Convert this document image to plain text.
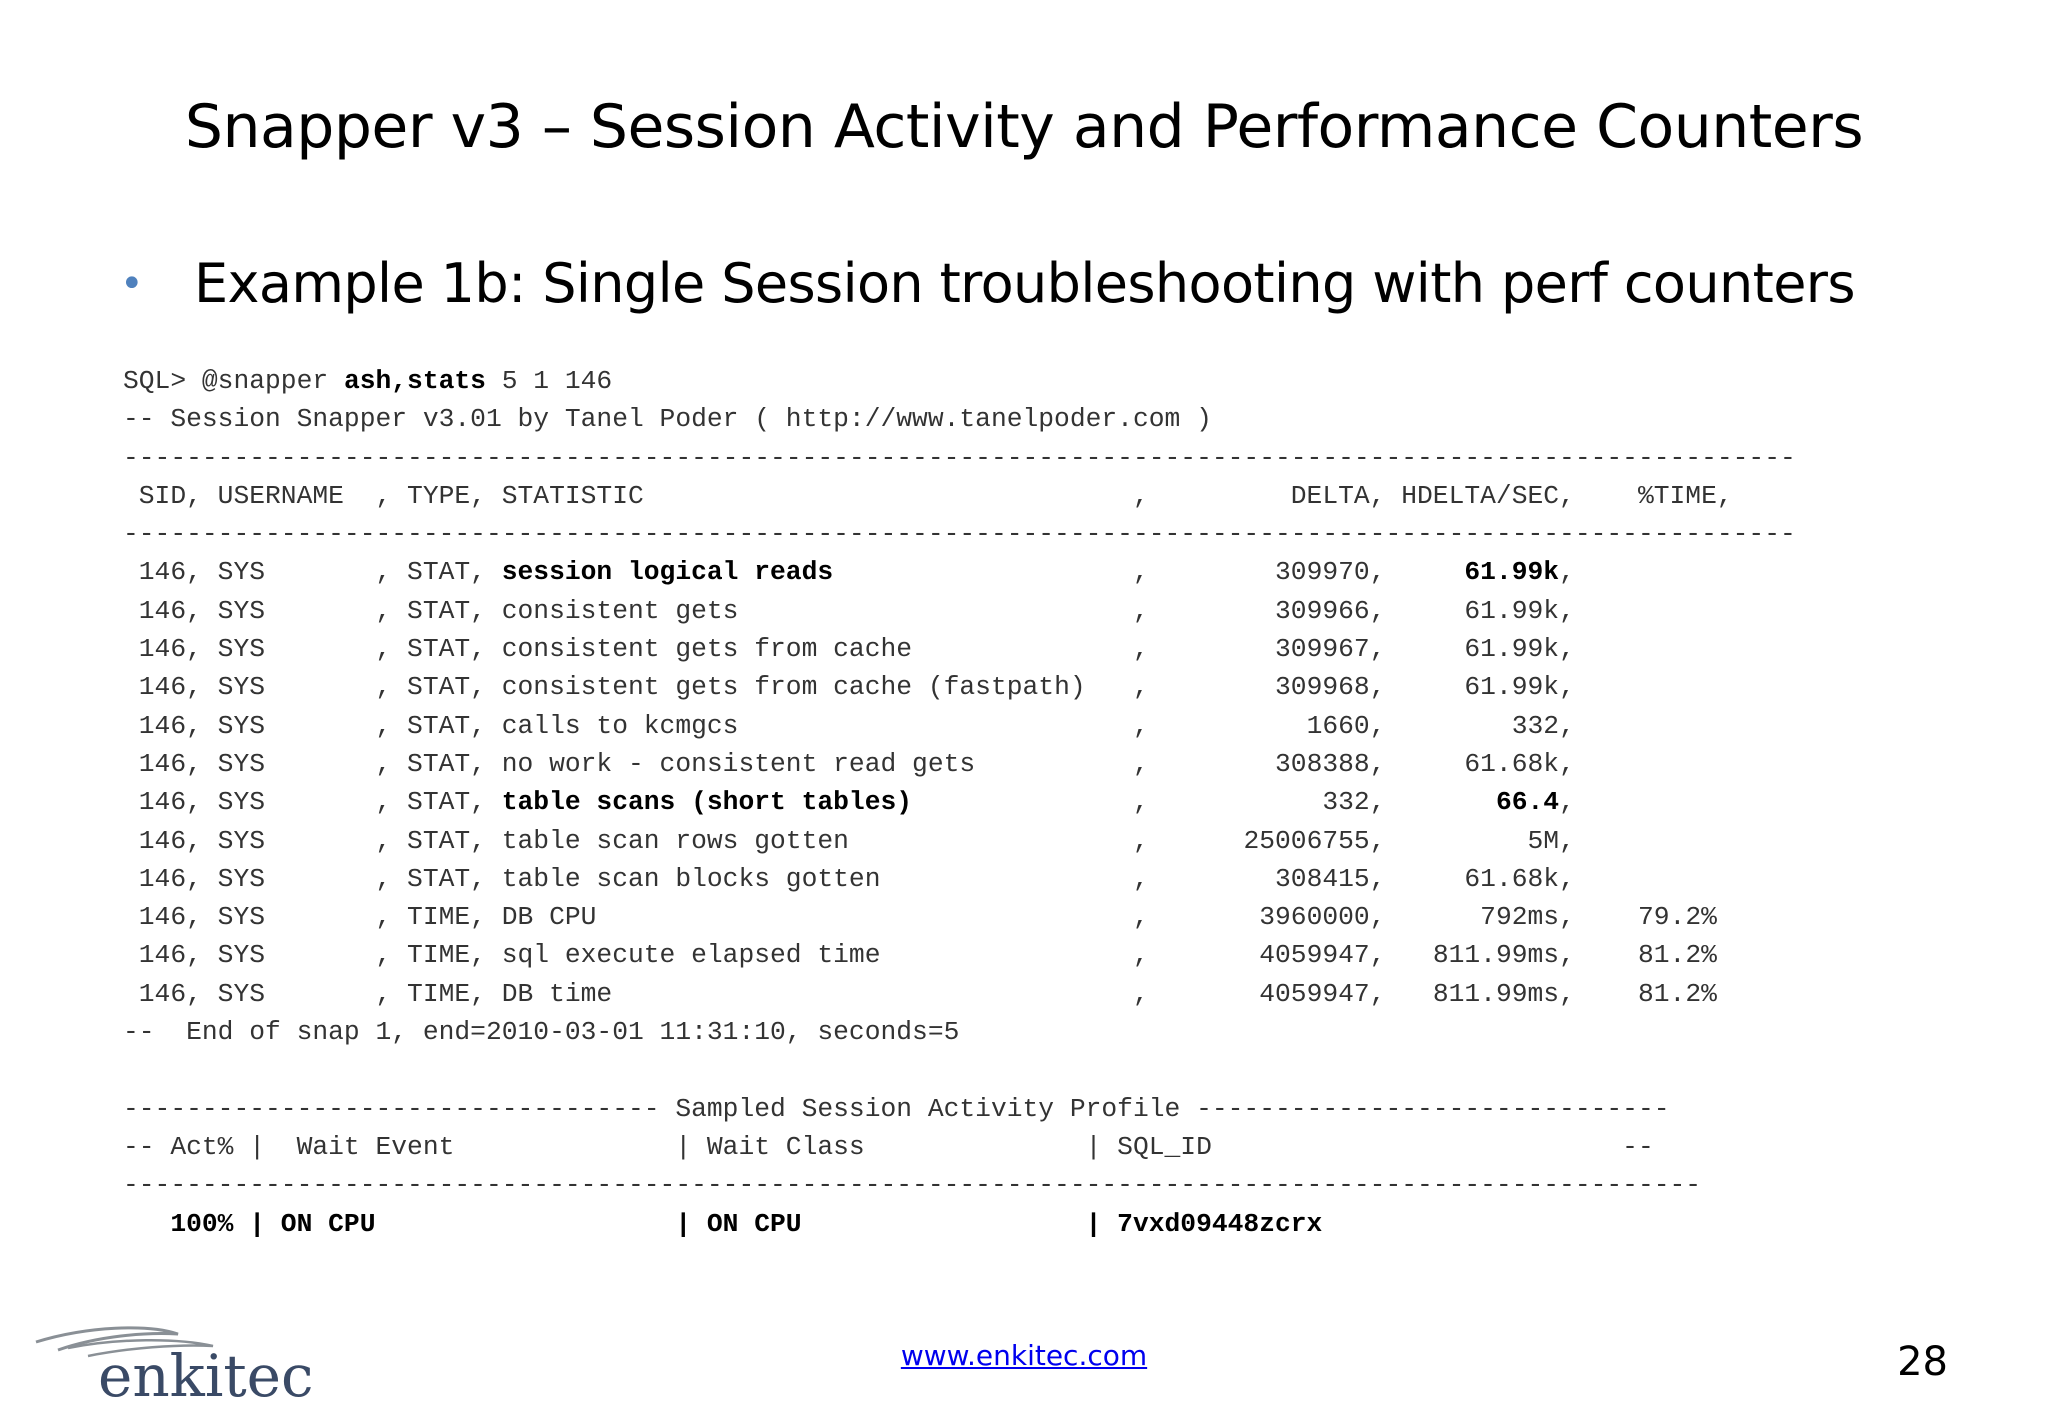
Snapper v3 – Session Activity and Performance Counters
• Example 1b: Single Session troubleshooting with perf counters
SQL> @snapper ash,stats 5 1 146
-- Session Snapper v3.01 by Tanel Poder ( http://www.tanelpoder.com )
----------------------------------------------------------------------------------------------------------
SID, USERNAME  , TYPE, STATISTIC                               ,         DELTA, HDELTA/SEC,    %TIME,
----------------------------------------------------------------------------------------------------------
146, SYS       , STAT, session logical reads                   ,        309970,     61.99k,
146, SYS       , STAT, consistent gets                         ,        309966,     61.99k,
146, SYS       , STAT, consistent gets from cache              ,        309967,     61.99k,
146, SYS       , STAT, consistent gets from cache (fastpath)   ,        309968,     61.99k,
146, SYS       , STAT, calls to kcmgcs                         ,          1660,        332,
146, SYS       , STAT, no work - consistent read gets          ,        308388,     61.68k,
146, SYS       , STAT, table scans (short tables)              ,           332,       66.4,
146, SYS       , STAT, table scan rows gotten                  ,      25006755,         5M,
146, SYS       , STAT, table scan blocks gotten                ,        308415,     61.68k,
146, SYS       , TIME, DB CPU                                  ,       3960000,      792ms,    79.2%
146, SYS       , TIME, sql execute elapsed time                ,       4059947,   811.99ms,    81.2%
146, SYS       , TIME, DB time                                 ,       4059947,   811.99ms,    81.2%
--  End of snap 1, end=2010-03-01 11:31:10, seconds=5

---------------------------------- Sampled Session Activity Profile ------------------------------
-- Act% |  Wait Event              | Wait Class              | SQL_ID                          --
----------------------------------------------------------------------------------------------------
100% | ON CPU                   | ON CPU                  | 7vxd09448zcrx
enkitec	www.enkitec.com	28
